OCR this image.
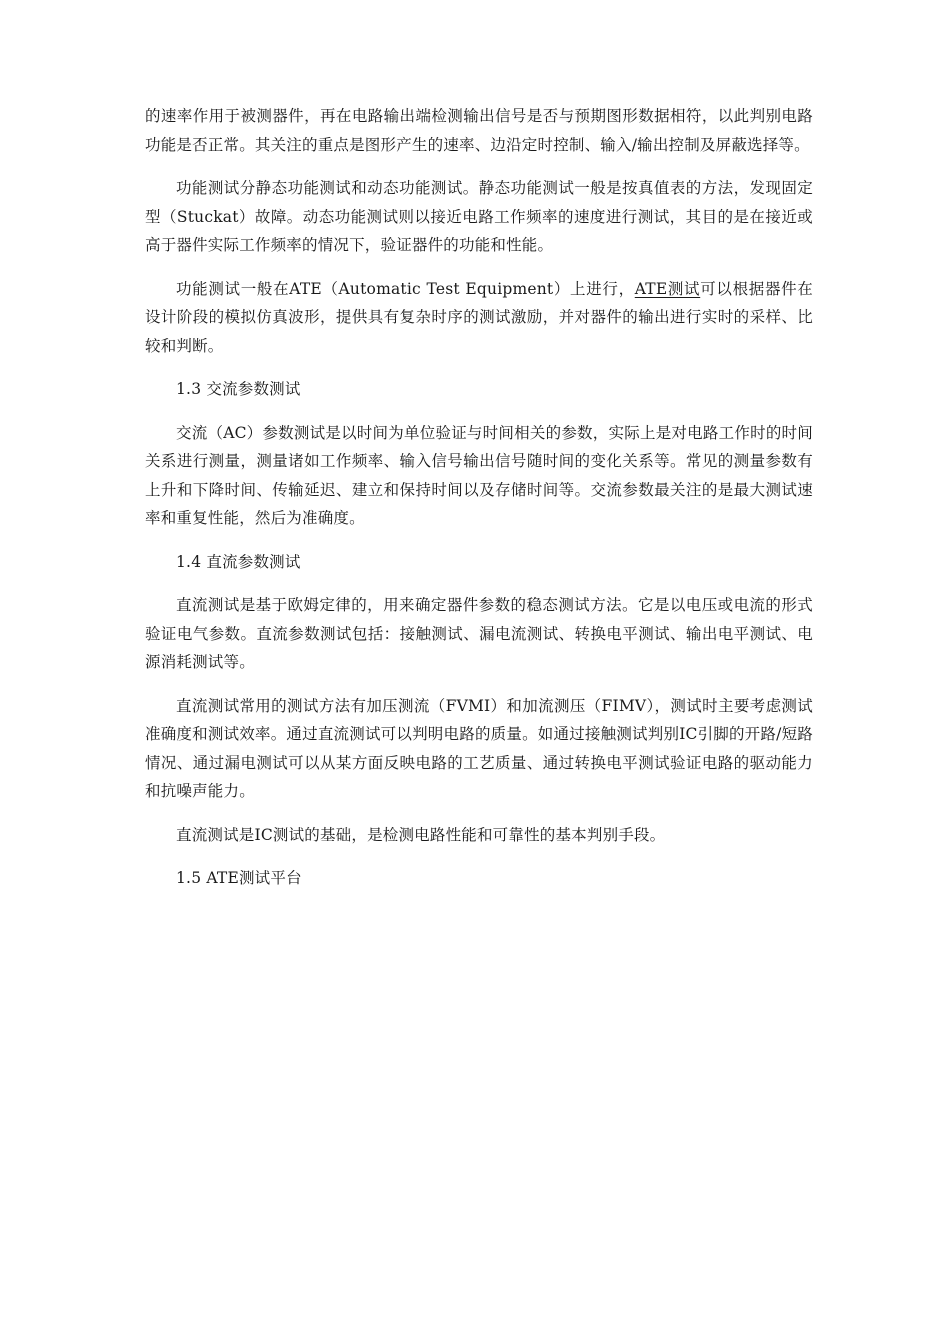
的速率作用于被测器件，再在电路输出端检测输出信号是否与预期图形数据相符，以此判别电路功能是否正常。其关注的重点是图形产生的速率、边沿定时控制、输入/输出控制及屏蔽选择等。

功能测试分静态功能测试和动态功能测试。静态功能测试一般是按真值表的方法，发现固定型（Stuckat）故障。动态功能测试则以接近电路工作频率的速度进行测试，其目的是在接近或高于器件实际工作频率的情况下，验证器件的功能和性能。

功能测试一般在ATE（Automatic Test Equipment）上进行，ATE测试可以根据器件在设计阶段的模拟仿真波形，提供具有复杂时序的测试激励，并对器件的输出进行实时的采样、比较和判断。

1.3 交流参数测试

交流（AC）参数测试是以时间为单位验证与时间相关的参数，实际上是对电路工作时的时间关系进行测量，测量诸如工作频率、输入信号输出信号随时间的变化关系等。常见的测量参数有上升和下降时间、传输延迟、建立和保持时间以及存储时间等。交流参数最关注的是最大测试速率和重复性能，然后为准确度。

1.4 直流参数测试

直流测试是基于欧姆定律的，用来确定器件参数的稳态测试方法。它是以电压或电流的形式验证电气参数。直流参数测试包括：接触测试、漏电流测试、转换电平测试、输出电平测试、电源消耗测试等。

直流测试常用的测试方法有加压测流（FVMI）和加流测压（FIMV），测试时主要考虑测试准确度和测试效率。通过直流测试可以判明电路的质量。如通过接触测试判别IC引脚的开路/短路情况、通过漏电测试可以从某方面反映电路的工艺质量、通过转换电平测试验证电路的驱动能力和抗噪声能力。

直流测试是IC测试的基础，是检测电路性能和可靠性的基本判别手段。

1.5 ATE测试平台
